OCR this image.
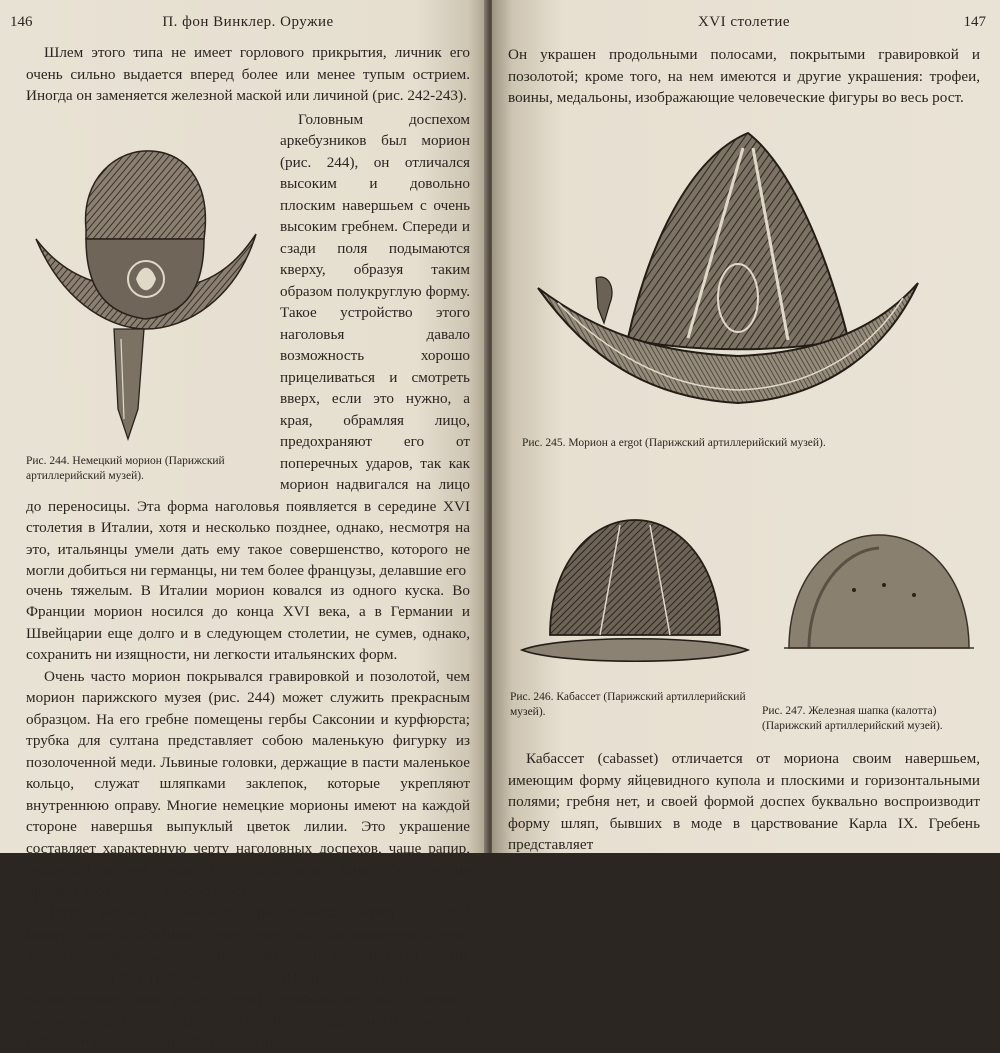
146	П. фон Винклер. Оружие

Шлем этого типа не имеет горлового прикрытия, личник его очень сильно выдается вперед более или менее тупым острием. Иногда он заменяется железной маской или личиной (рис. 242-243).

Рис. 244. Немецкий морион (Парижский артиллерийский музей).

Головным доспехом аркебузников был морион (рис. 244), он отличался высоким и довольно плоским навершьем с очень высоким гребнем. Спереди и сзади поля подымаются кверху, образуя таким образом полукруглую форму. Такое устройство этого наголовья давало возможность хорошо прицеливаться и смотреть вверх, если это нужно, а края, обрамляя лицо, предохраняют его от поперечных ударов, так как морион надвигался на лицо до переносицы. Эта форма наголовья появляется в середине XVI столетия в Италии, хотя и несколько позднее, однако, несмотря на это, итальянцы умели дать ему такое совершенство, которого не могли добиться ни германцы, ни тем более французы, делавшие его

очень тяжелым. В Италии морион ковался из одного куска. Во Франции морион носился до конца XVI века, а в Германии и Швейцарии еще долго и в следующем столетии, не сумев, однако, сохранить ни изящности, ни легкости итальянских форм.

Очень часто морион покрывался гравировкой и позолотой, чем морион парижского музея (рис. 244) может служить прекрасным образцом. На его гребне помещены гербы Саксонии и курфюрста; трубка для султана представляет собою маленькую фигурку из позолоченной меди. Львиные головки, держащие в пасти маленькое кольцо, служат шляпками заклепок, которые укрепляют внутреннюю оправу. Многие немецкие морионы имеют на каждой стороне навершья выпуклый цветок лилии. Это украшение составляет характерную черту наголовных доспехов, чаще рапир, городской гвардии города Мюнхена, которая в конце XVI столетия приняла этот символ непорочности.

Другой морион Парижского артиллерийского музея (рис. 245) может служить образцом формы, известной под названием a ergot, вследствие маленького острия, который оканчивается очень коническое и без гребней навершье. (Некоторые называют такие каски легкими армэ, petits armets.) Превосходная работа данного наголовья дает повод думать, что она принадлежит итальянской работе второй половины XVI столетия.

XVI столетие	147

Он украшен продольными полосами, покрытыми гравировкой и позолотой; кроме того, на нем имеются и другие украшения: трофеи, воины, медальоны, изображающие человеческие фигуры во весь рост.

Рис. 245. Морион a ergot (Парижский артиллерийский музей).
Рис. 246. Кабассет (Парижский артиллерийский музей).	Рис. 247. Железная шапка (калотта) (Парижский артиллерийский музей).

Кабассет (cabasset) отличается от мориона своим навершьем, имеющим форму яйцевидного купола и плоскими и горизонтальными полями; гребня нет, и своей формой доспех буквально воспроизводит форму шляп, бывших в моде в царствование Карла IX. Гребень представляет
